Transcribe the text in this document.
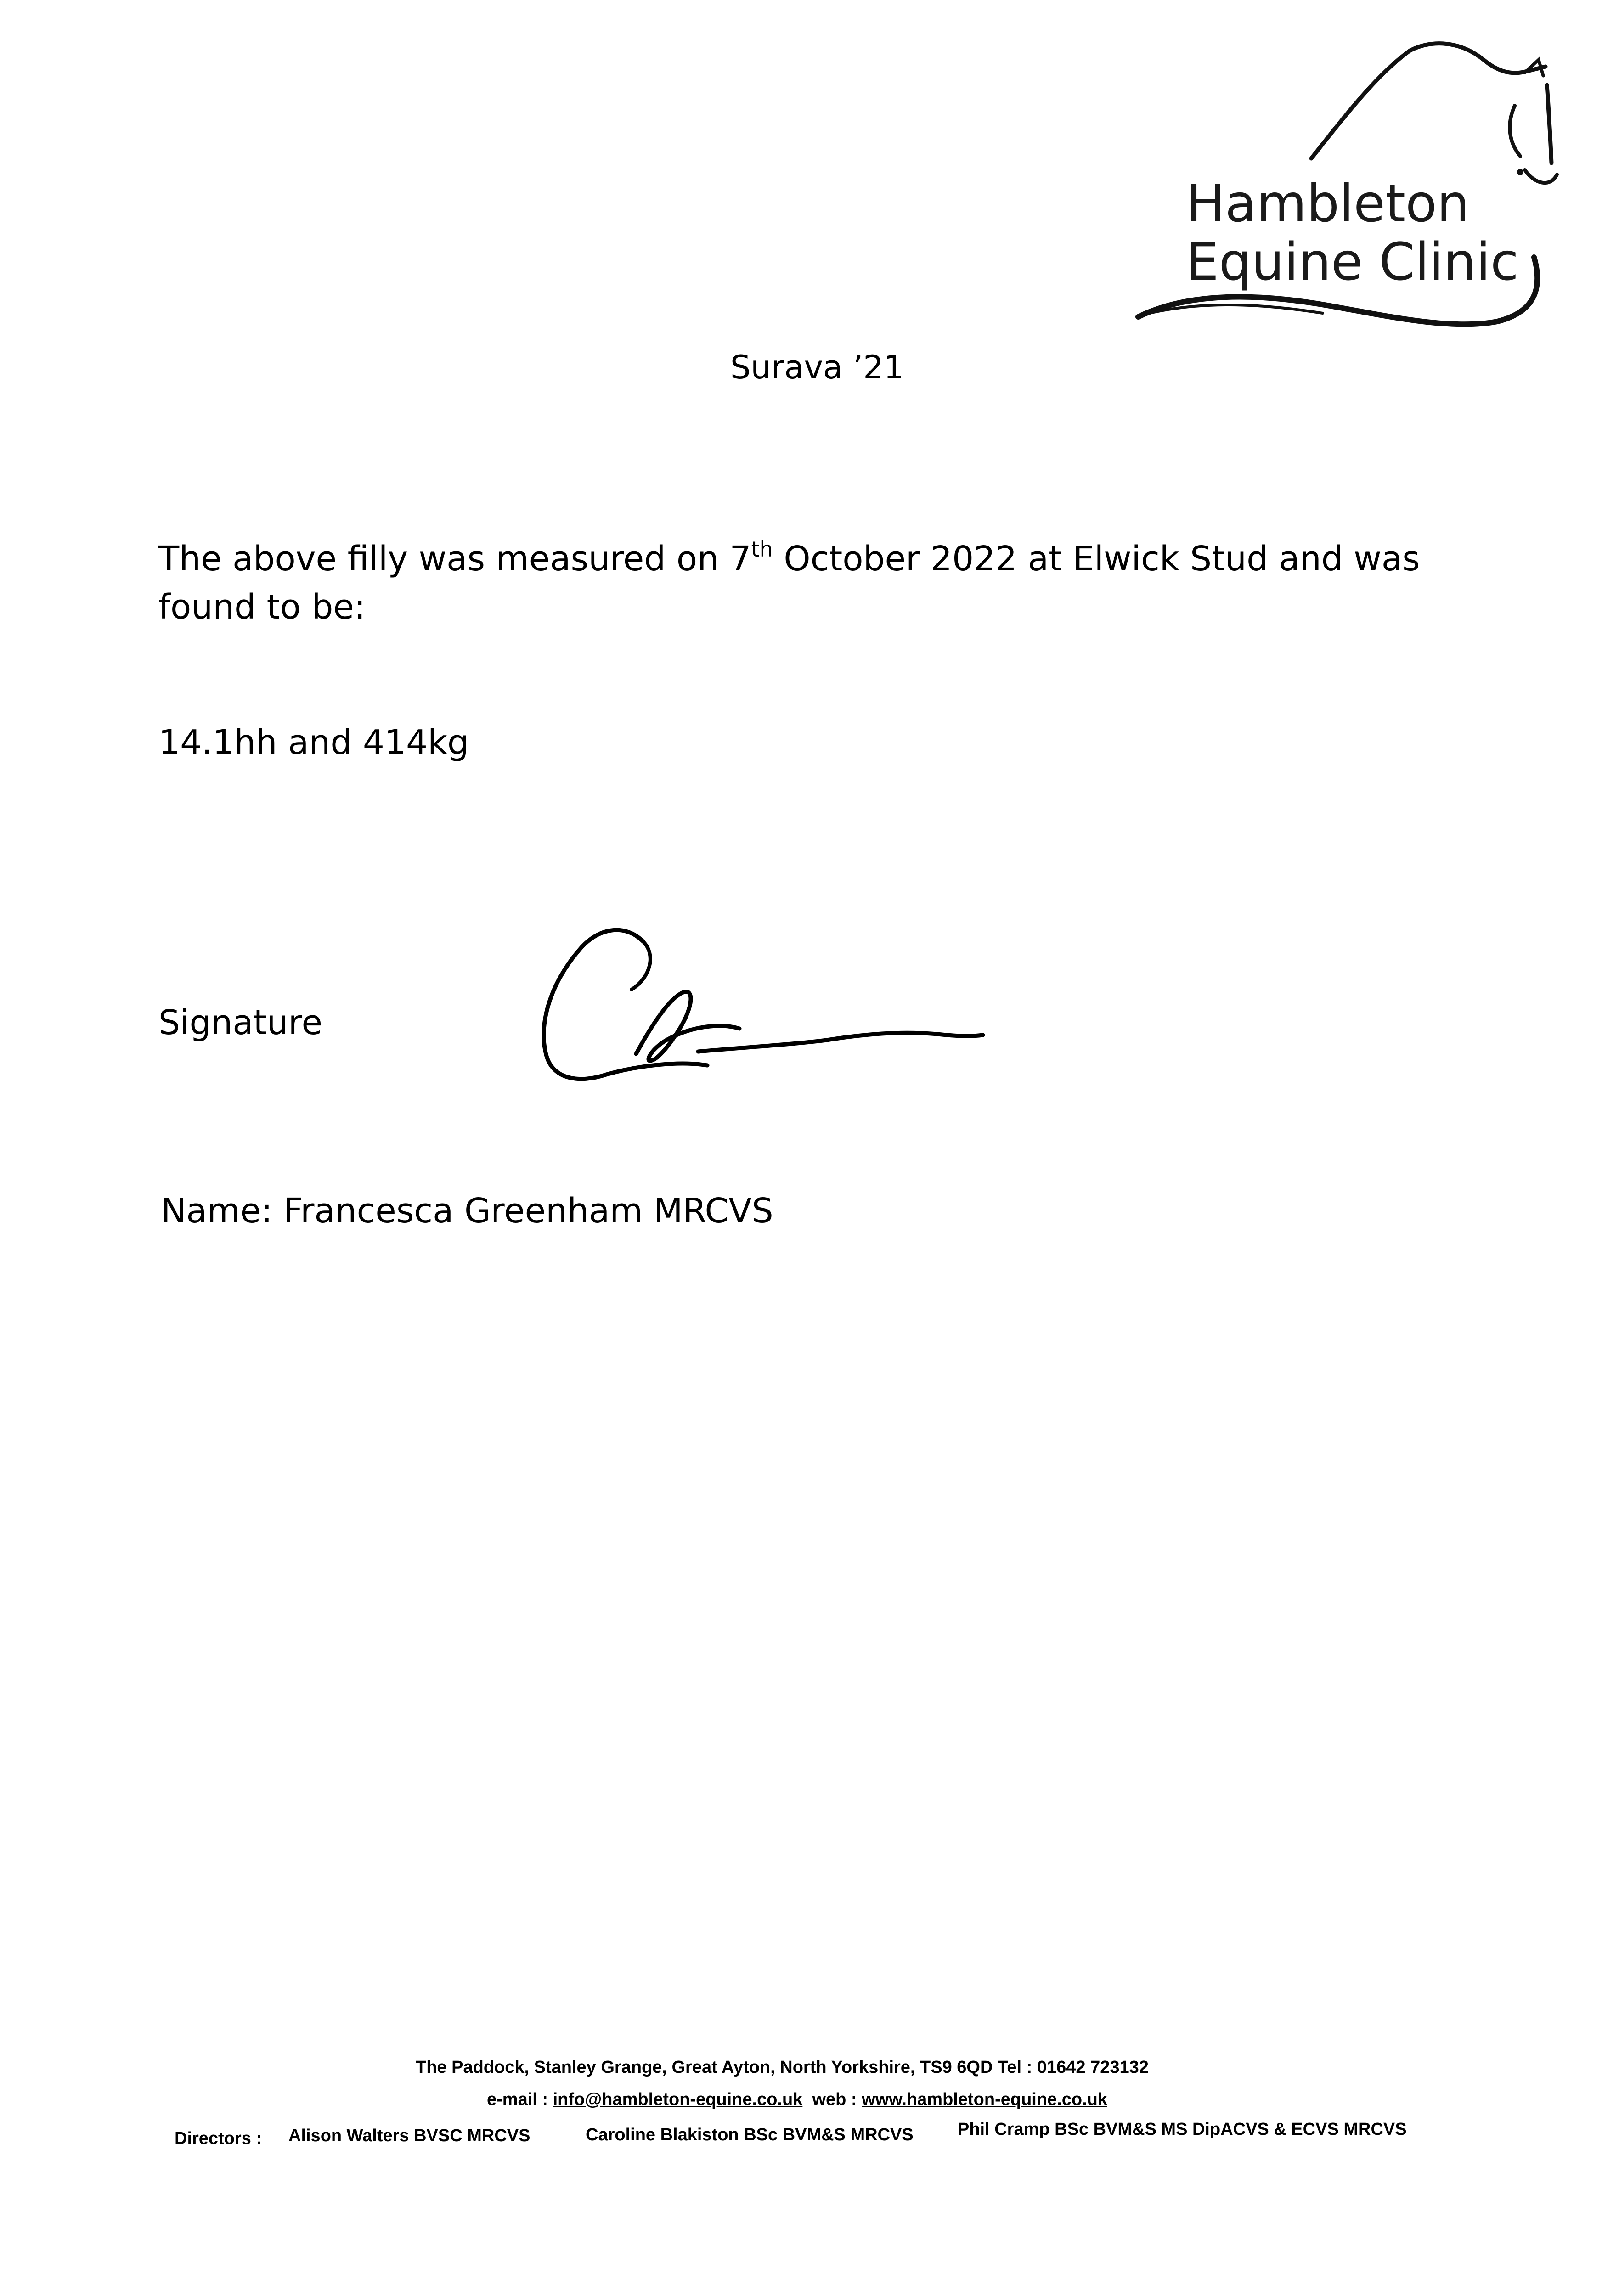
Hambleton
Equine Clinic
Surava ’21
The above filly was measured on 7th October 2022 at Elwick Stud and was found to be:
14.1hh and 414kg
Signature
Name: Francesca Greenham MRCVS
The Paddock, Stanley Grange, Great Ayton, North Yorkshire, TS9 6QD Tel : 01642 723132
e-mail : info@hambleton-equine.co.uk  web : www.hambleton-equine.co.uk
Directors : Alison Walters BVSC MRCVS	Caroline Blakiston BSc BVM&S MRCVS	Phil Cramp BSc BVM&S MS DipACVS & ECVS MRCVS
